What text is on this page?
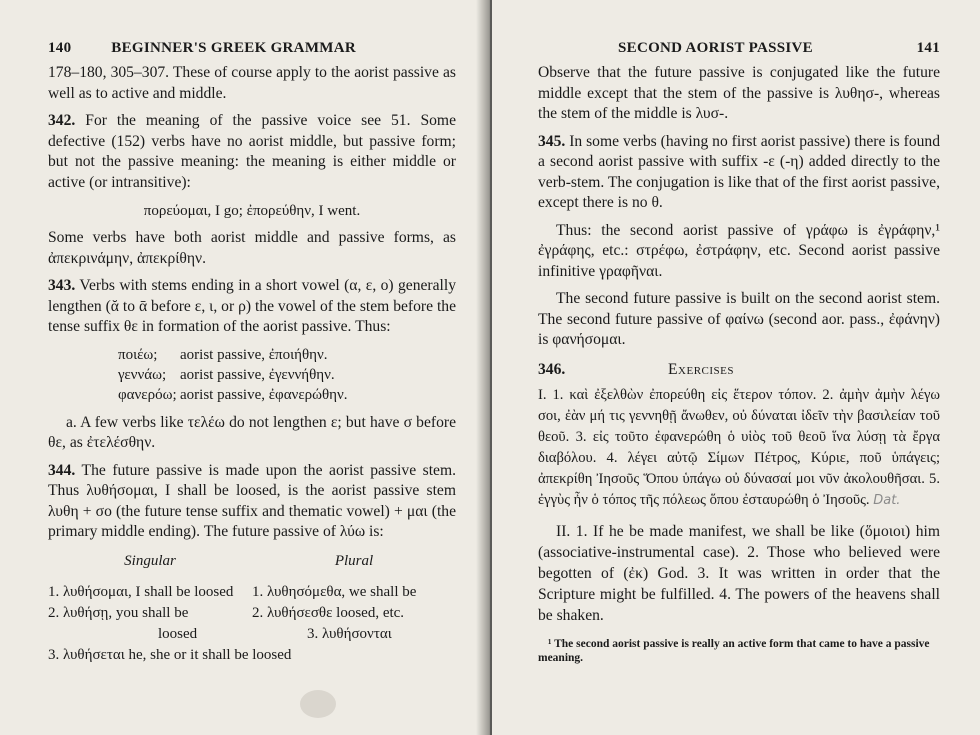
140	BEGINNER'S GREEK GRAMMAR

178–180, 305–307. These of course apply to the aorist passive as well as to active and middle.

342. For the meaning of the passive voice see 51. Some defective (152) verbs have no aorist middle, but passive form; but not the passive meaning: the meaning is either middle or active (or intransitive):

πορεύομαι, I go; ἐπορεύθην, I went.

Some verbs have both aorist middle and passive forms, as ἀπεκρινάμην, ἀπεκρίθην.

343. Verbs with stems ending in a short vowel (α, ε, ο) generally lengthen (ᾰ to ᾱ before ε, ι, or ρ) the vowel of the stem before the tense suffix θε in formation of the aorist passive. Thus:

ποιέω;	aorist passive, ἐποιήθην.
γεννάω; aorist passive, ἐγεννήθην.
φανερόω; aorist passive, ἐφανερώθην.

a. A few verbs like τελέω do not lengthen ε; but have σ before θε, as ἐτελέσθην.

344. The future passive is made upon the aorist passive stem. Thus λυθήσομαι, I shall be loosed, is the aorist passive stem λυθη + σο (the future tense suffix and thematic vowel) + μαι (the primary middle ending). The future passive of λύω is:

Singular	Plural
1. λυθήσομαι, I shall be loosed	1. λυθησόμεθα, we shall be
2. λυθήσῃ, you shall be	2. λυθήσεσθε loosed, etc.
loosed	3. λυθήσονται
3. λυθήσεται he, she or it shall be loosed
SECOND AORIST PASSIVE	141

Observe that the future passive is conjugated like the future middle except that the stem of the passive is λυθησ-, whereas the stem of the middle is λυσ-.

345. In some verbs (having no first aorist passive) there is found a second aorist passive with suffix -ε (-η) added directly to the verb-stem. The conjugation is like that of the first aorist passive, except there is no θ.

Thus: the second aorist passive of γράφω is ἐγράφην,¹ ἐγράφης, etc.: στρέφω, ἐστράφην, etc. Second aorist passive infinitive γραφῆναι.

The second future passive is built on the second aorist stem. The second future passive of φαίνω (second aor. pass., ἐφάνην) is φανήσομαι.

346.	Exercises

I. 1. καὶ ἐξελθὼν ἐπορεύθη εἰς ἕτερον τόπον. 2. ἀμὴν ἀμὴν λέγω σοι, ἐὰν μή τις γεννηθῇ ἄνωθεν, οὐ δύναται ἰδεῖν τὴν βασιλείαν τοῦ θεοῦ. 3. εἰς τοῦτο ἐφανερώθη ὁ υἱὸς τοῦ θεοῦ ἵνα λύσῃ τὰ ἔργα διαβόλου. 4. λέγει αὐτῷ Σίμων Πέτρος, Κύριε, ποῦ ὑπάγεις; ἀπεκρίθη Ἰησοῦς Ὅπου ὑπάγω οὐ δύνασαί μοι νῦν ἀκολουθῆσαι. 5. ἐγγὺς ἦν ὁ τόπος τῆς πόλεως ὅπου ἐσταυρώθη ὁ Ἰησοῦς. Dat.

II. 1. If he be made manifest, we shall be like (ὅμοιοι) him (associative-instrumental case). 2. Those who believed were begotten of (ἐκ) God. 3. It was written in order that the Scripture might be fulfilled. 4. The powers of the heavens shall be shaken.

¹ The second aorist passive is really an active form that came to have a passive meaning.
